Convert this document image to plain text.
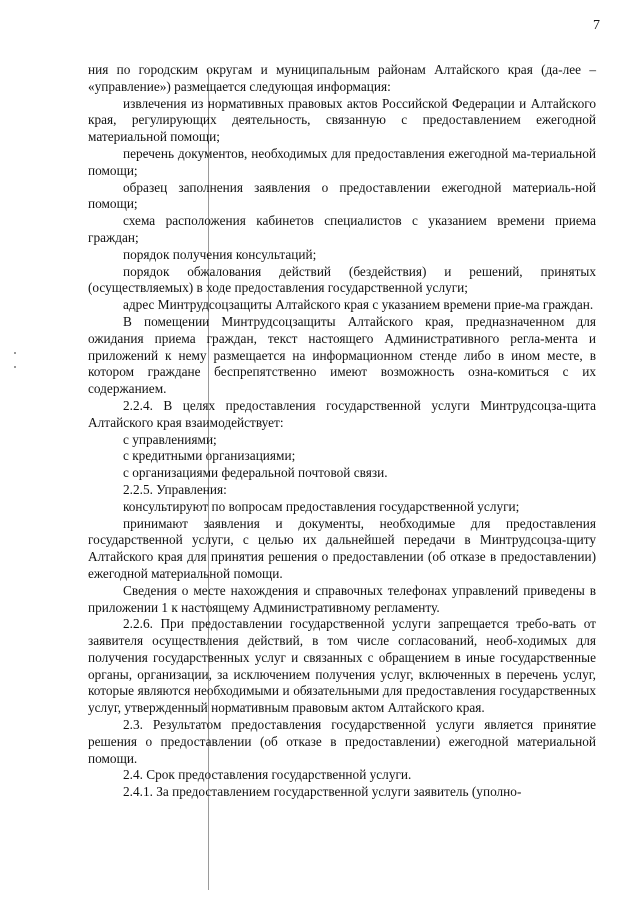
7

ния по городским округам и муниципальным районам Алтайского края (да-лее – «управление») размещается следующая информация:

извлечения из нормативных правовых актов Российской Федерации и Алтайского края, регулирующих деятельность, связанную с предоставлением ежегодной материальной помощи;

перечень документов, необходимых для предоставления ежегодной ма-териальной помощи;

образец заполнения заявления о предоставлении ежегодной материаль-ной помощи;

схема расположения кабинетов специалистов с указанием времени приема граждан;

порядок получения консультаций;

порядок обжалования действий (бездействия) и решений, принятых (осуществляемых) в ходе предоставления государственной услуги;

адрес Минтрудсоцзащиты Алтайского края с указанием времени прие-ма граждан.

В помещении Минтрудсоцзащиты Алтайского края, предназначенном для ожидания приема граждан, текст настоящего Административного регла-мента и приложений к нему размещается на информационном стенде либо в ином месте, в котором граждане беспрепятственно имеют возможность озна-комиться с их содержанием.

2.2.4. В целях предоставления государственной услуги Минтрудсоцза-щита Алтайского края взаимодействует:

с управлениями;

с кредитными организациями;

с организациями федеральной почтовой связи.

2.2.5. Управления:

консультируют по вопросам предоставления государственной услуги;

принимают заявления и документы, необходимые для предоставления государственной услуги, с целью их дальнейшей передачи в Минтрудсоцза-щиту Алтайского края для принятия решения о предоставлении (об отказе в предоставлении) ежегодной материальной помощи.

Сведения о месте нахождения и справочных телефонах управлений приведены в приложении 1 к настоящему Административному регламенту.

2.2.6. При предоставлении государственной услуги запрещается требо-вать от заявителя осуществления действий, в том числе согласований, необ-ходимых для получения государственных услуг и связанных с обращением в иные государственные органы, организации, за исключением получения услуг, включенных в перечень услуг, которые являются необходимыми и обязательными для предоставления государственных услуг, утвержденный нормативным правовым актом Алтайского края.

2.3. Результатом предоставления государственной услуги является принятие решения о предоставлении (об отказе в предоставлении) ежегодной материальной помощи.

2.4. Срок предоставления государственной услуги.

2.4.1. За предоставлением государственной услуги заявитель (уполно-
